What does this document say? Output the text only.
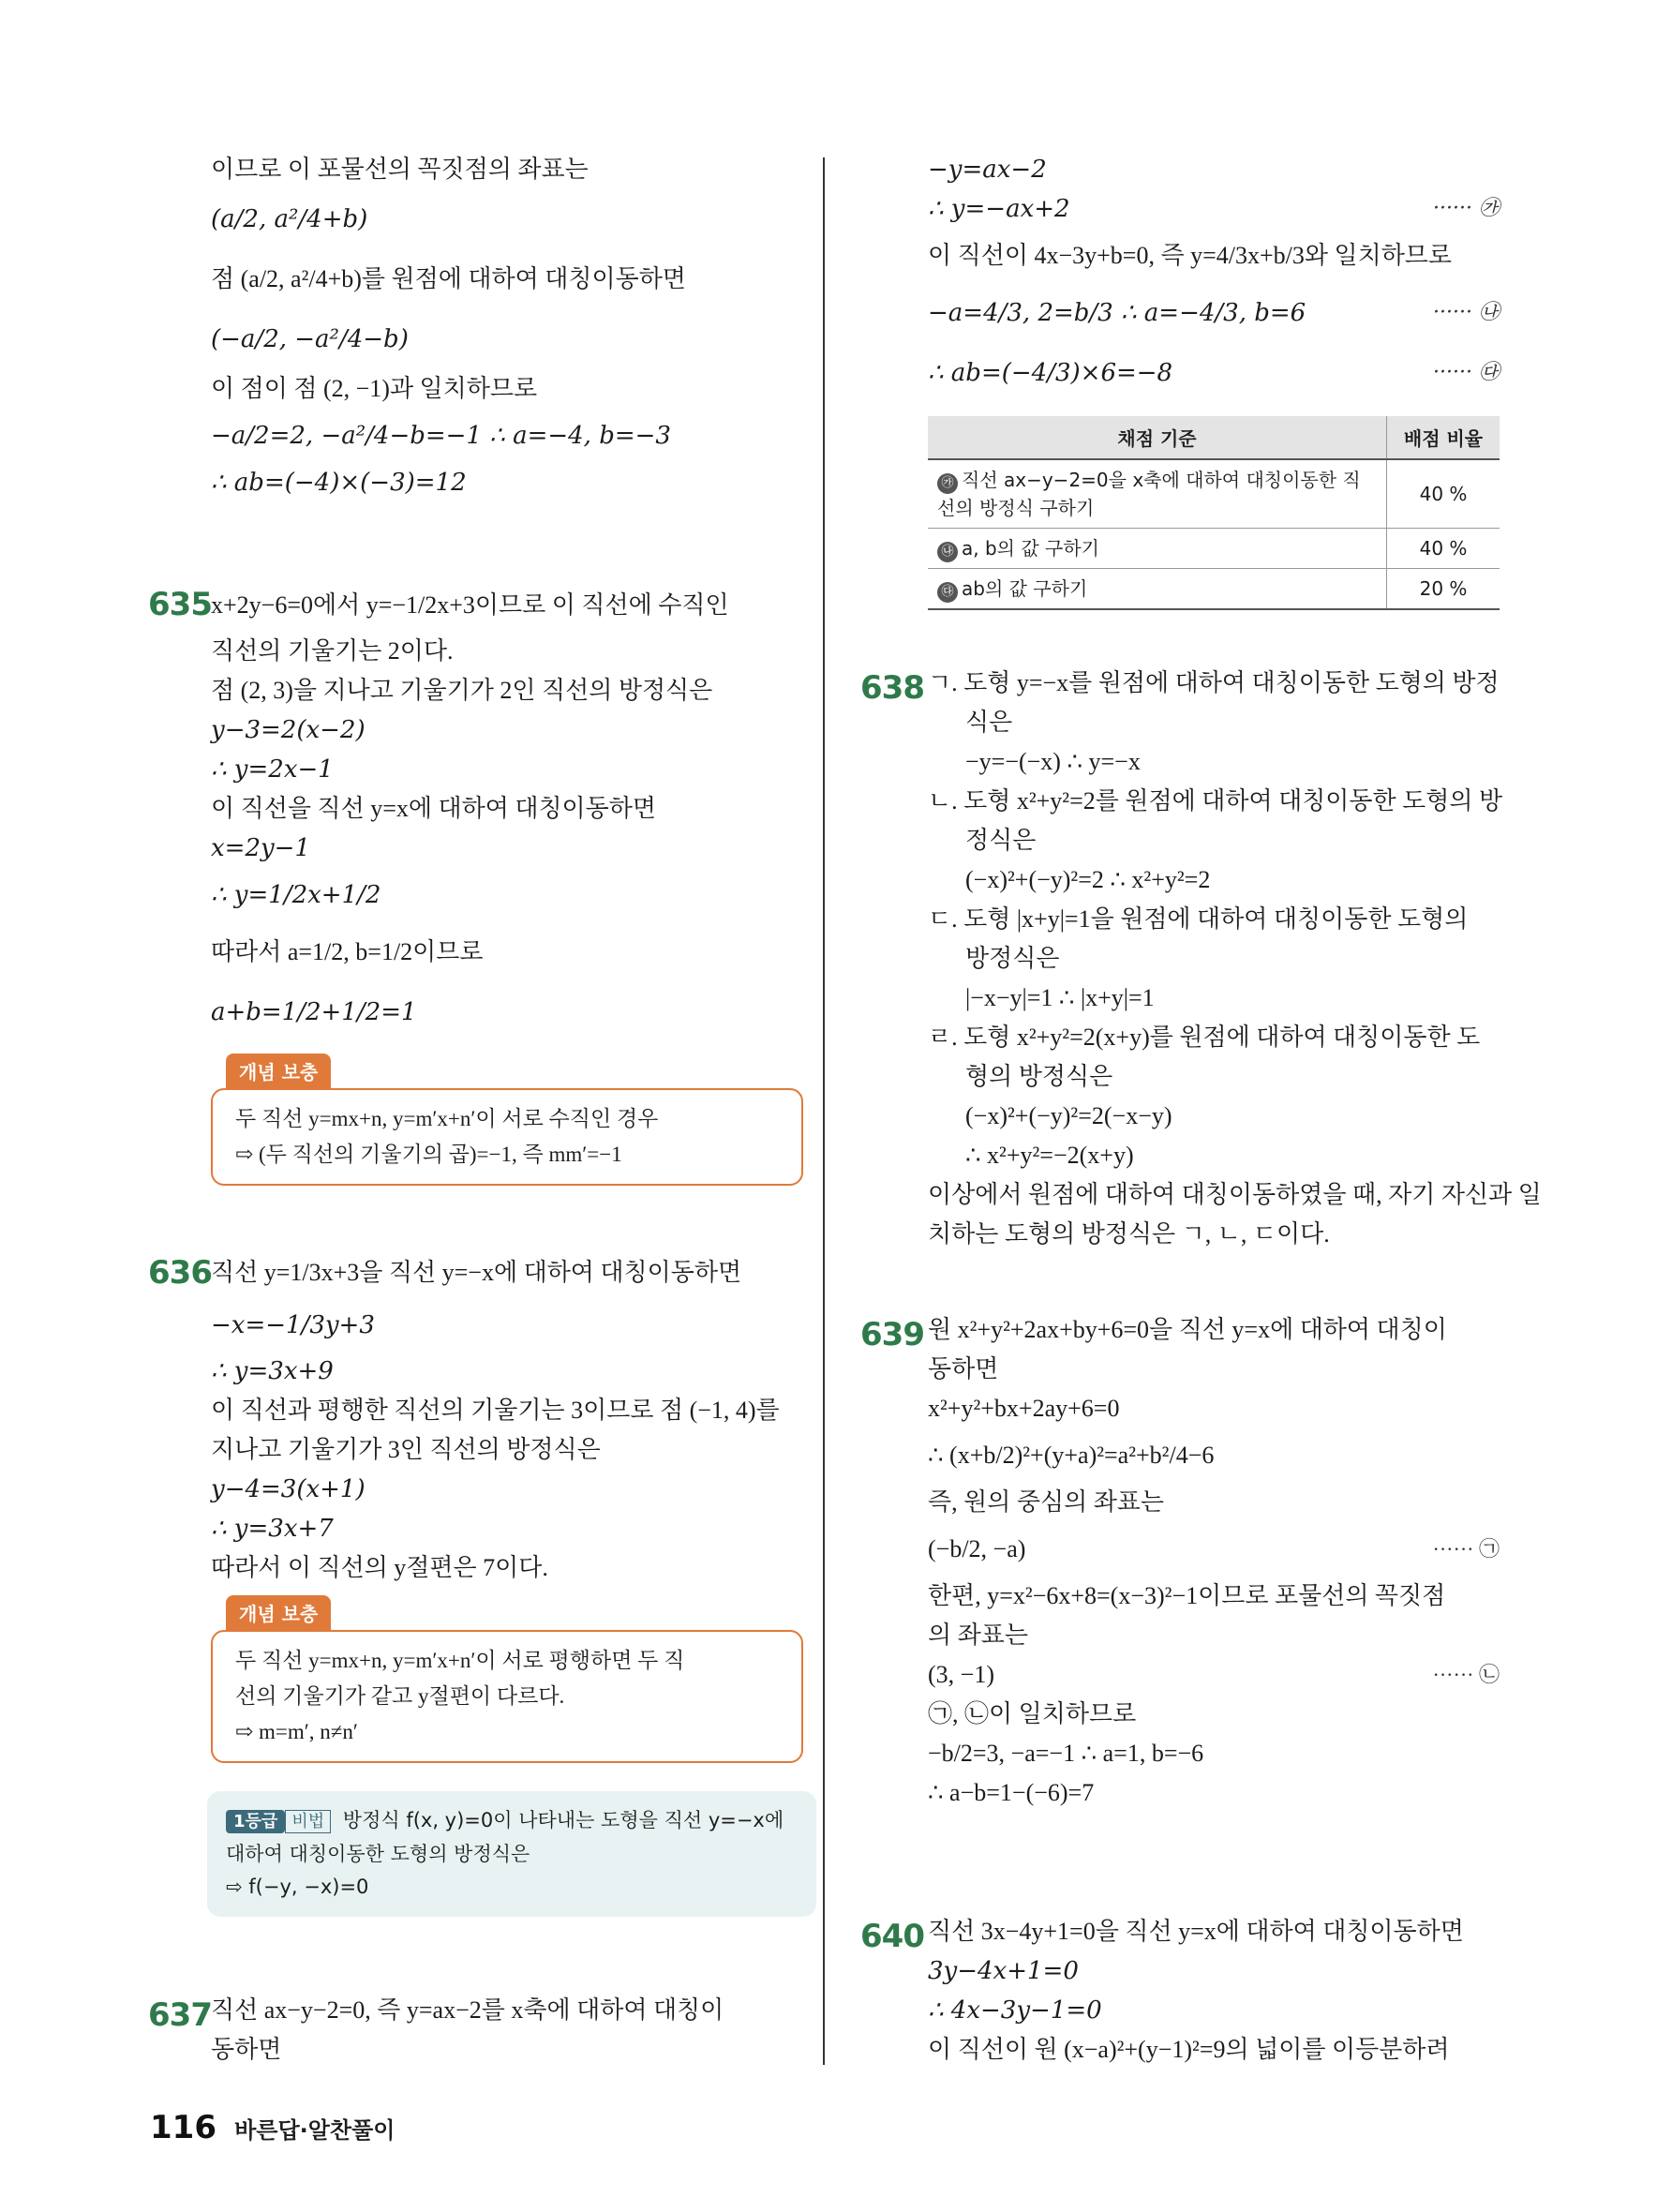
이므로 이 포물선의 꼭짓점의 좌표는
(a/2, a²/4+b)
점 (a/2, a²/4+b)를 원점에 대하여 대칭이동하면
(−a/2, −a²/4−b)
이 점이 점 (2, −1)과 일치하므로
−a/2=2, −a²/4−b=−1 ∴ a=−4, b=−3
∴ ab=(−4)×(−3)=12
635 x+2y−6=0에서 y=−1/2x+3이므로 이 직선에 수직인
직선의 기울기는 2이다.
점 (2, 3)을 지나고 기울기가 2인 직선의 방정식은
y−3=2(x−2)
∴ y=2x−1
이 직선을 직선 y=x에 대하여 대칭이동하면
x=2y−1
∴ y=1/2x+1/2
따라서 a=1/2, b=1/2이므로
a+b=1/2+1/2=1
개념 보충
두 직선 y=mx+n, y=m′x+n′이 서로 수직인 경우
⇨ (두 직선의 기울기의 곱)=−1, 즉 mm′=−1
636 직선 y=1/3x+3을 직선 y=−x에 대하여 대칭이동하면
−x=−1/3y+3
∴ y=3x+9
이 직선과 평행한 직선의 기울기는 3이므로 점 (−1, 4)를
지나고 기울기가 3인 직선의 방정식은
y−4=3(x+1)
∴ y=3x+7
따라서 이 직선의 y절편은 7이다.
개념 보충
두 직선 y=mx+n, y=m′x+n′이 서로 평행하면 두 직
선의 기울기가 같고 y절편이 다르다.
⇨ m=m′, n≠n′
1등급 비법 방정식 f(x, y)=0이 나타내는 도형을 직선 y=−x에
대하여 대칭이동한 도형의 방정식은
⇨ f(−y, −x)=0
637 직선 ax−y−2=0, 즉 y=ax−2를 x축에 대하여 대칭이
동하면
−y=ax−2
∴ y=−ax+2	······ ㉮
이 직선이 4x−3y+b=0, 즉 y=4/3x+b/3와 일치하므로
−a=4/3, 2=b/3 ∴ a=−4/3, b=6	······ ㉯
∴ ab=(−4/3)×6=−8	······ ㉰
채점 기준	배점 비율
㉮ 직선 ax−y−2=0을 x축에 대하여 대칭이동한 직선의 방정식 구하기	40 %
㉯ a, b의 값 구하기	40 %
㉰ ab의 값 구하기	20 %
638 ㄱ. 도형 y=−x를 원점에 대하여 대칭이동한 도형의 방정
식은
−y=−(−x) ∴ y=−x
ㄴ. 도형 x²+y²=2를 원점에 대하여 대칭이동한 도형의 방
정식은
(−x)²+(−y)²=2 ∴ x²+y²=2
ㄷ. 도형 |x+y|=1을 원점에 대하여 대칭이동한 도형의
방정식은
|−x−y|=1 ∴ |x+y|=1
ㄹ. 도형 x²+y²=2(x+y)를 원점에 대하여 대칭이동한 도
형의 방정식은
(−x)²+(−y)²=2(−x−y)
∴ x²+y²=−2(x+y)
이상에서 원점에 대하여 대칭이동하였을 때, 자기 자신과 일
치하는 도형의 방정식은 ㄱ, ㄴ, ㄷ이다.
639 원 x²+y²+2ax+by+6=0을 직선 y=x에 대하여 대칭이
동하면
x²+y²+bx+2ay+6=0
∴ (x+b/2)²+(y+a)²=a²+b²/4−6
즉, 원의 중심의 좌표는
(−b/2, −a)	······ ㉠
한편, y=x²−6x+8=(x−3)²−1이므로 포물선의 꼭짓점
의 좌표는
(3, −1)	······ ㉡
㉠, ㉡이 일치하므로
−b/2=3, −a=−1 ∴ a=1, b=−6
∴ a−b=1−(−6)=7
640 직선 3x−4y+1=0을 직선 y=x에 대하여 대칭이동하면
3y−4x+1=0
∴ 4x−3y−1=0
이 직선이 원 (x−a)²+(y−1)²=9의 넓이를 이등분하려
116 바른답·알찬풀이
